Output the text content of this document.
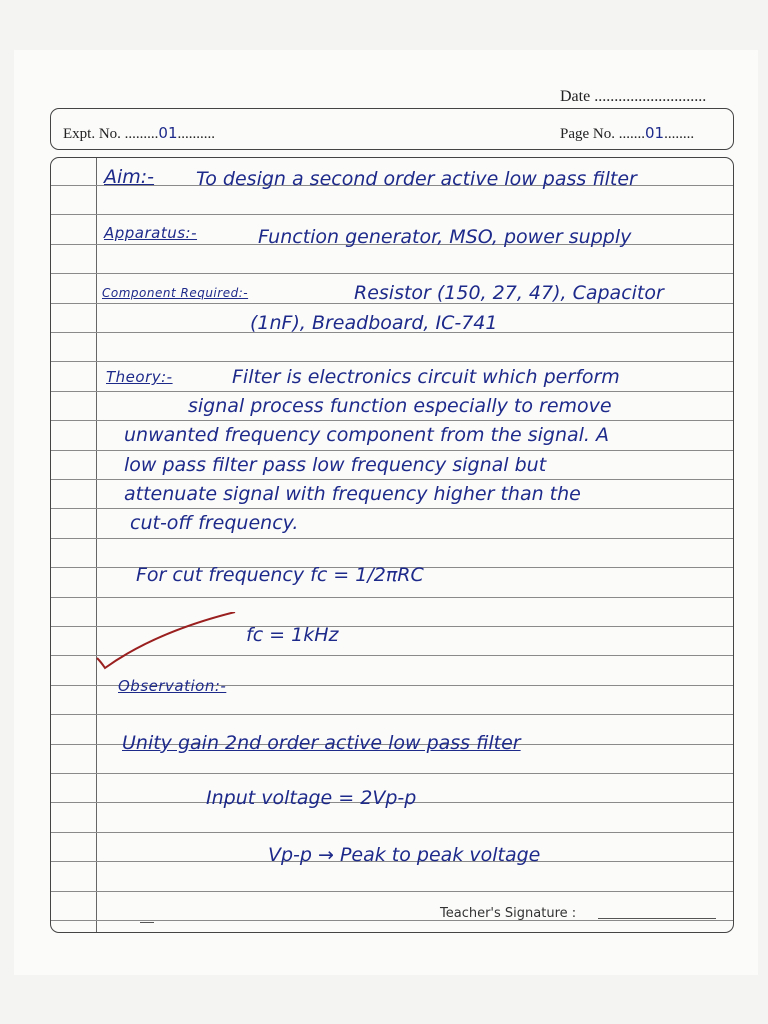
Date ............................
Expt. No. .........01..........	Page No. .......01........
Aim:- To design a second order active low pass filter
Apparatus:-	Function generator, MSO, power supply
Component Required:-	Resistor (150, 27, 47), Capacitor
(1nF), Breadboard, IC-741
Theory:-	Filter is electronics circuit which perform
signal process function especially to remove
unwanted frequency component from the signal. A
low pass filter pass low frequency signal but
attenuate signal with frequency higher than the
cut-off frequency.
For cut frequency fc = 1/2πRC
fc = 1kHz
Observation:-
Unity gain 2nd order active low pass filter
Input voltage = 2Vp-p
Vp-p → Peak to peak voltage
Teacher's Signature :
